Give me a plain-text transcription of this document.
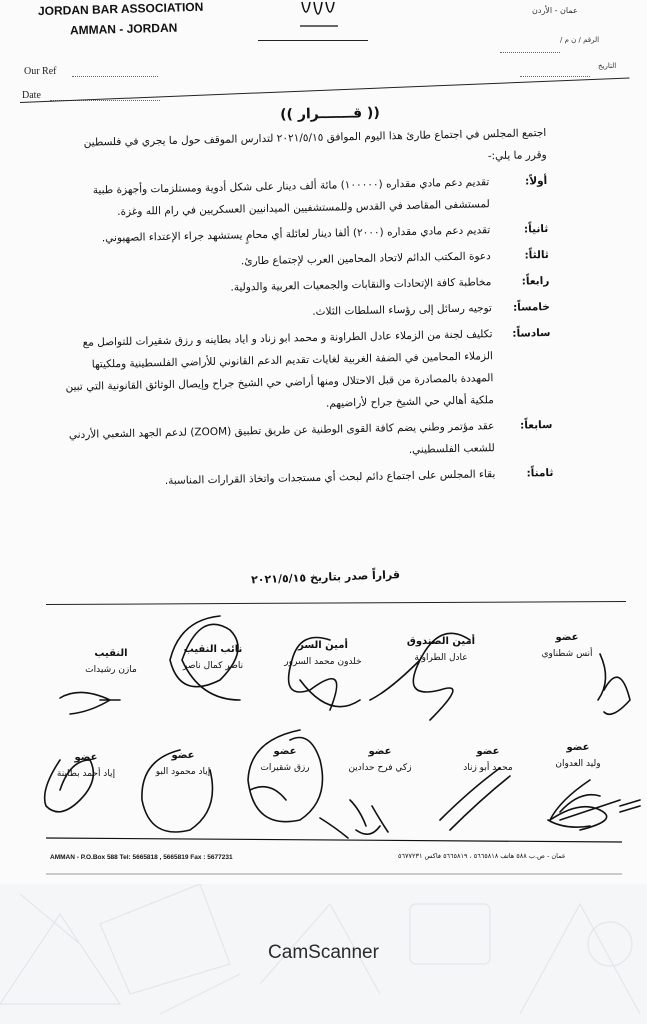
JORDAN BAR ASSOCIATION
AMMAN - JORDAN
عمان - الأردن
Our Ref
Date
الرقم / ن م /
التاريخ
(( قـــــــرار ))

اجتمع المجلس في اجتماع طارئ هذا اليوم الموافق ٢٠٢١/٥/١٥ لتدارس الموقف حول ما يجري في فلسطين وقرر ما يلي:-

أولاً:
تقديم دعم مادي مقداره (١٠٠٠٠٠) مائة ألف دينار على شكل أدوية ومستلزمات وأجهزة طبية لمستشفى المقاصد في القدس وللمستشفيين الميدانيين العسكريين في رام الله وغزة.
ثانياً:
تقديم دعم مادي مقداره (٢٠٠٠) ألفا دينار لعائلة أي محامٍ يستشهد جراء الإعتداء الصهيوني.
ثالثاً:
دعوة المكتب الدائم لاتحاد المحامين العرب لإجتماع طارئ.
رابعاً:
مخاطبة كافة الإتحادات والنقابات والجمعيات العربية والدولية.
خامساً:
توجيه رسائل إلى رؤساء السلطات الثلاث.
سادساً:
تكليف لجنة من الزملاء عادل الطراونة و محمد ابو زناد و اياد بطاينه و رزق شقيرات للتواصل مع الزملاء المحامين في الضفة الغربية لغايات تقديم الدعم القانوني للأراضي الفلسطينية وملكيتها المهددة بالمصادرة من قبل الاحتلال ومنها أراضي حي الشيخ جراح وإيصال الوثائق القانونية التي تبين ملكية أهالي حي الشيخ جراح لأراضيهم.
سابعاً:
عقد مؤتمر وطني يضم كافة القوى الوطنية عن طريق تطبيق (ZOOM) لدعم الجهد الشعبي الأردني للشعب الفلسطيني.
ثامناً:
بقاء المجلس على اجتماع دائم لبحث أي مستجدات واتخاذ القرارات المناسبة.
قراراً صدر بتاريخ ٢٠٢١/٥/١٥
عضو
أنس شطناوي
أمين الصندوق
عادل الطراونة
أمين السر
خلدون محمد السرور
نائب النقيب
ناصر كمال ناصر
النقيب
مازن رشيدات
عضو
وليد العدوان
عضو
محمد أبو زناد
عضو
زكي فرح حدادين
عضو
رزق شقيرات
عضو
إياد محمود البو
عضو
إياد أحمد بطاينة
AMMAN - P.O.Box 588 Tel: 5665818 , 5665819 Fax : 5677231	عمان - ص.ب ٥٨٨ هاتف ٥٦٦٥٨١٨ ، ٥٦٦٥٨١٩ فاكس ٥٦٧٧٢٣١
CamScanner
